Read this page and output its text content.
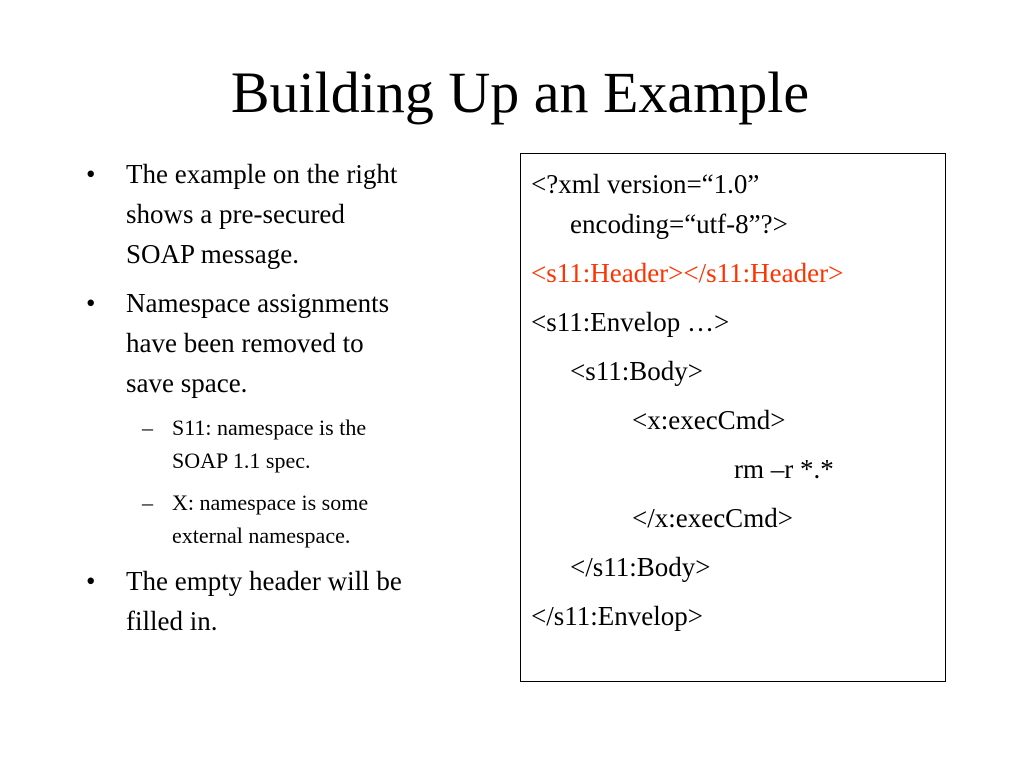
Building Up an Example
• The example on the right
shows a pre-secured
SOAP message.
• Namespace assignments
have been removed to
save space.
– S11: namespace is the
SOAP 1.1 spec.
– X: namespace is some
external namespace.
• The empty header will be
filled in.
<?xml version=“1.0”
encoding=“utf-8”?>
<s11:Header></s11:Header>
<s11:Envelop …>
<s11:Body>
<x:execCmd>
rm –r *.*
</x:execCmd>
</s11:Body>
</s11:Envelop>
